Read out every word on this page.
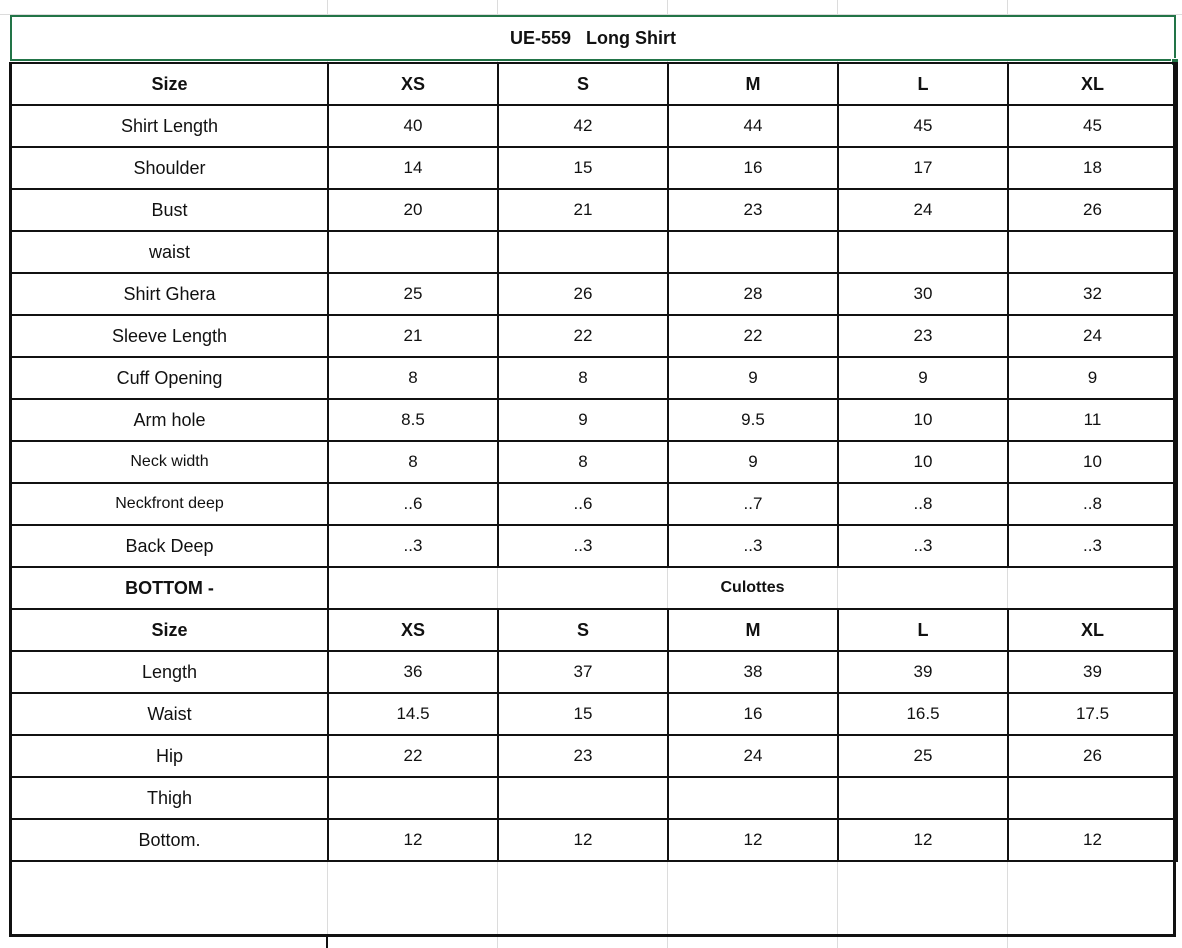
UE-559   Long Shirt
Size	XS	S	M	L	XL
Shirt Length	40	42	44	45	45
Shoulder	14	15	16	17	18
Bust	20	21	23	24	26
waist					
Shirt Ghera	25	26	28	30	32
Sleeve Length	21	22	22	23	24
Cuff Opening	8	8	9	9	9
Arm hole	8.5	9	9.5	10	11
Neck width	8	8	9	10	10
Neckfront deep	..6	..6	..7	..8	..8
Back Deep	..3	..3	..3	..3	..3
BOTTOM -	Culottes				
Size	XS	S	M	L	XL
Length	36	37	38	39	39
Waist	14.5	15	16	16.5	17.5
Hip	22	23	24	25	26
Thigh					
Bottom.	12	12	12	12	12
